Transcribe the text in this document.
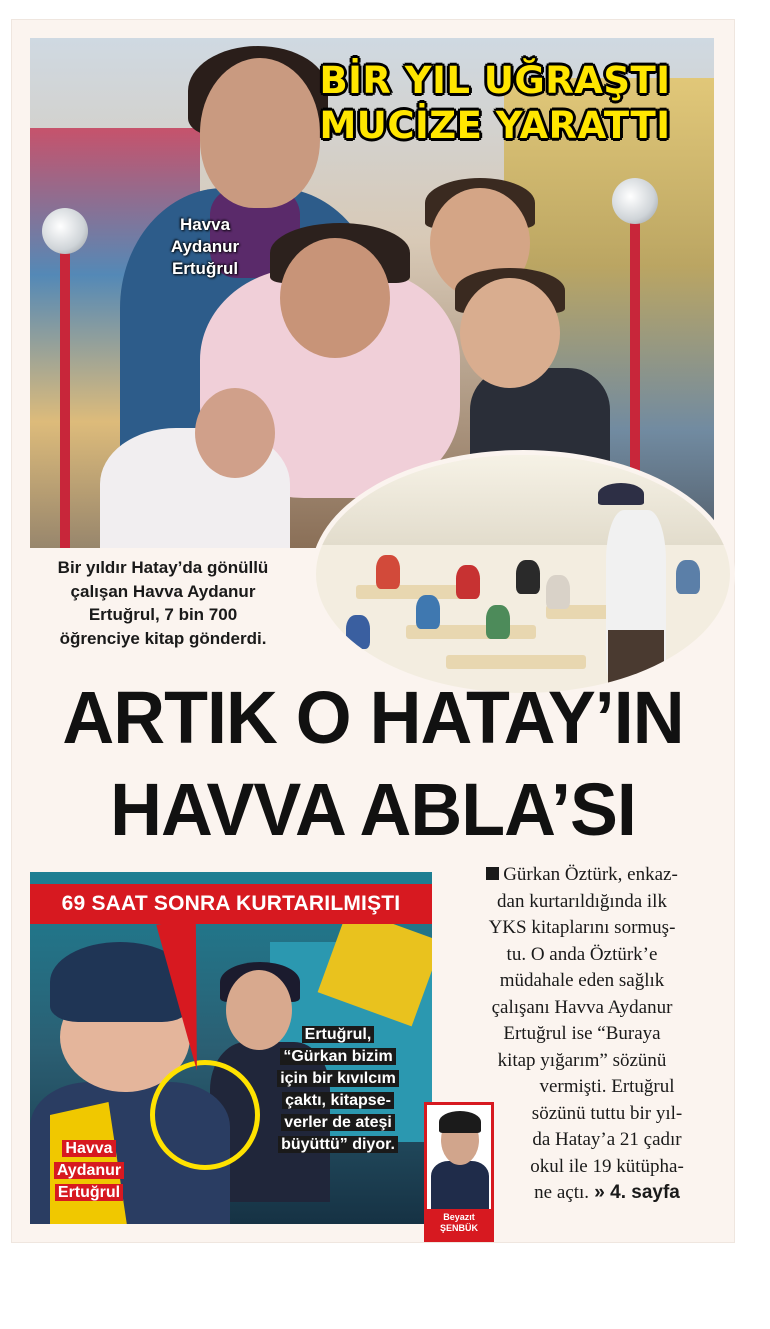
BİR YIL UĞRAŞTI
MUCİZE YARATTI
Havva
Aydanur
Ertuğrul
Bir yıldır Hatay’da gönüllü
çalışan Havva Aydanur
Ertuğrul, 7 bin 700
öğrenciye kitap gönderdi.
ARTIK O HATAY’IN
HAVVA ABLA’SI
69 SAAT SONRA KURTARILMIŞTI
Havva
Aydanur
Ertuğrul
Ertuğrul,
“Gürkan bizim
için bir kıvılcım
çaktı, kitapse-
verler de ateşi
büyüttü” diyor.
Gürkan Öztürk, enkaz-
dan kurtarıldığında ilk
YKS kitaplarını sormuş-
tu. O anda Öztürk’e
müdahale eden sağlık
çalışanı Havva Aydanur
Ertuğrul ise “Buraya
kitap yığarım” sözünü
vermişti. Ertuğrul
sözünü tuttu bir yıl-
da Hatay’a 21 çadır
okul ile 19 kütüpha-
ne açtı. » 4. sayfa
Beyazıt
ŞENBÜK
